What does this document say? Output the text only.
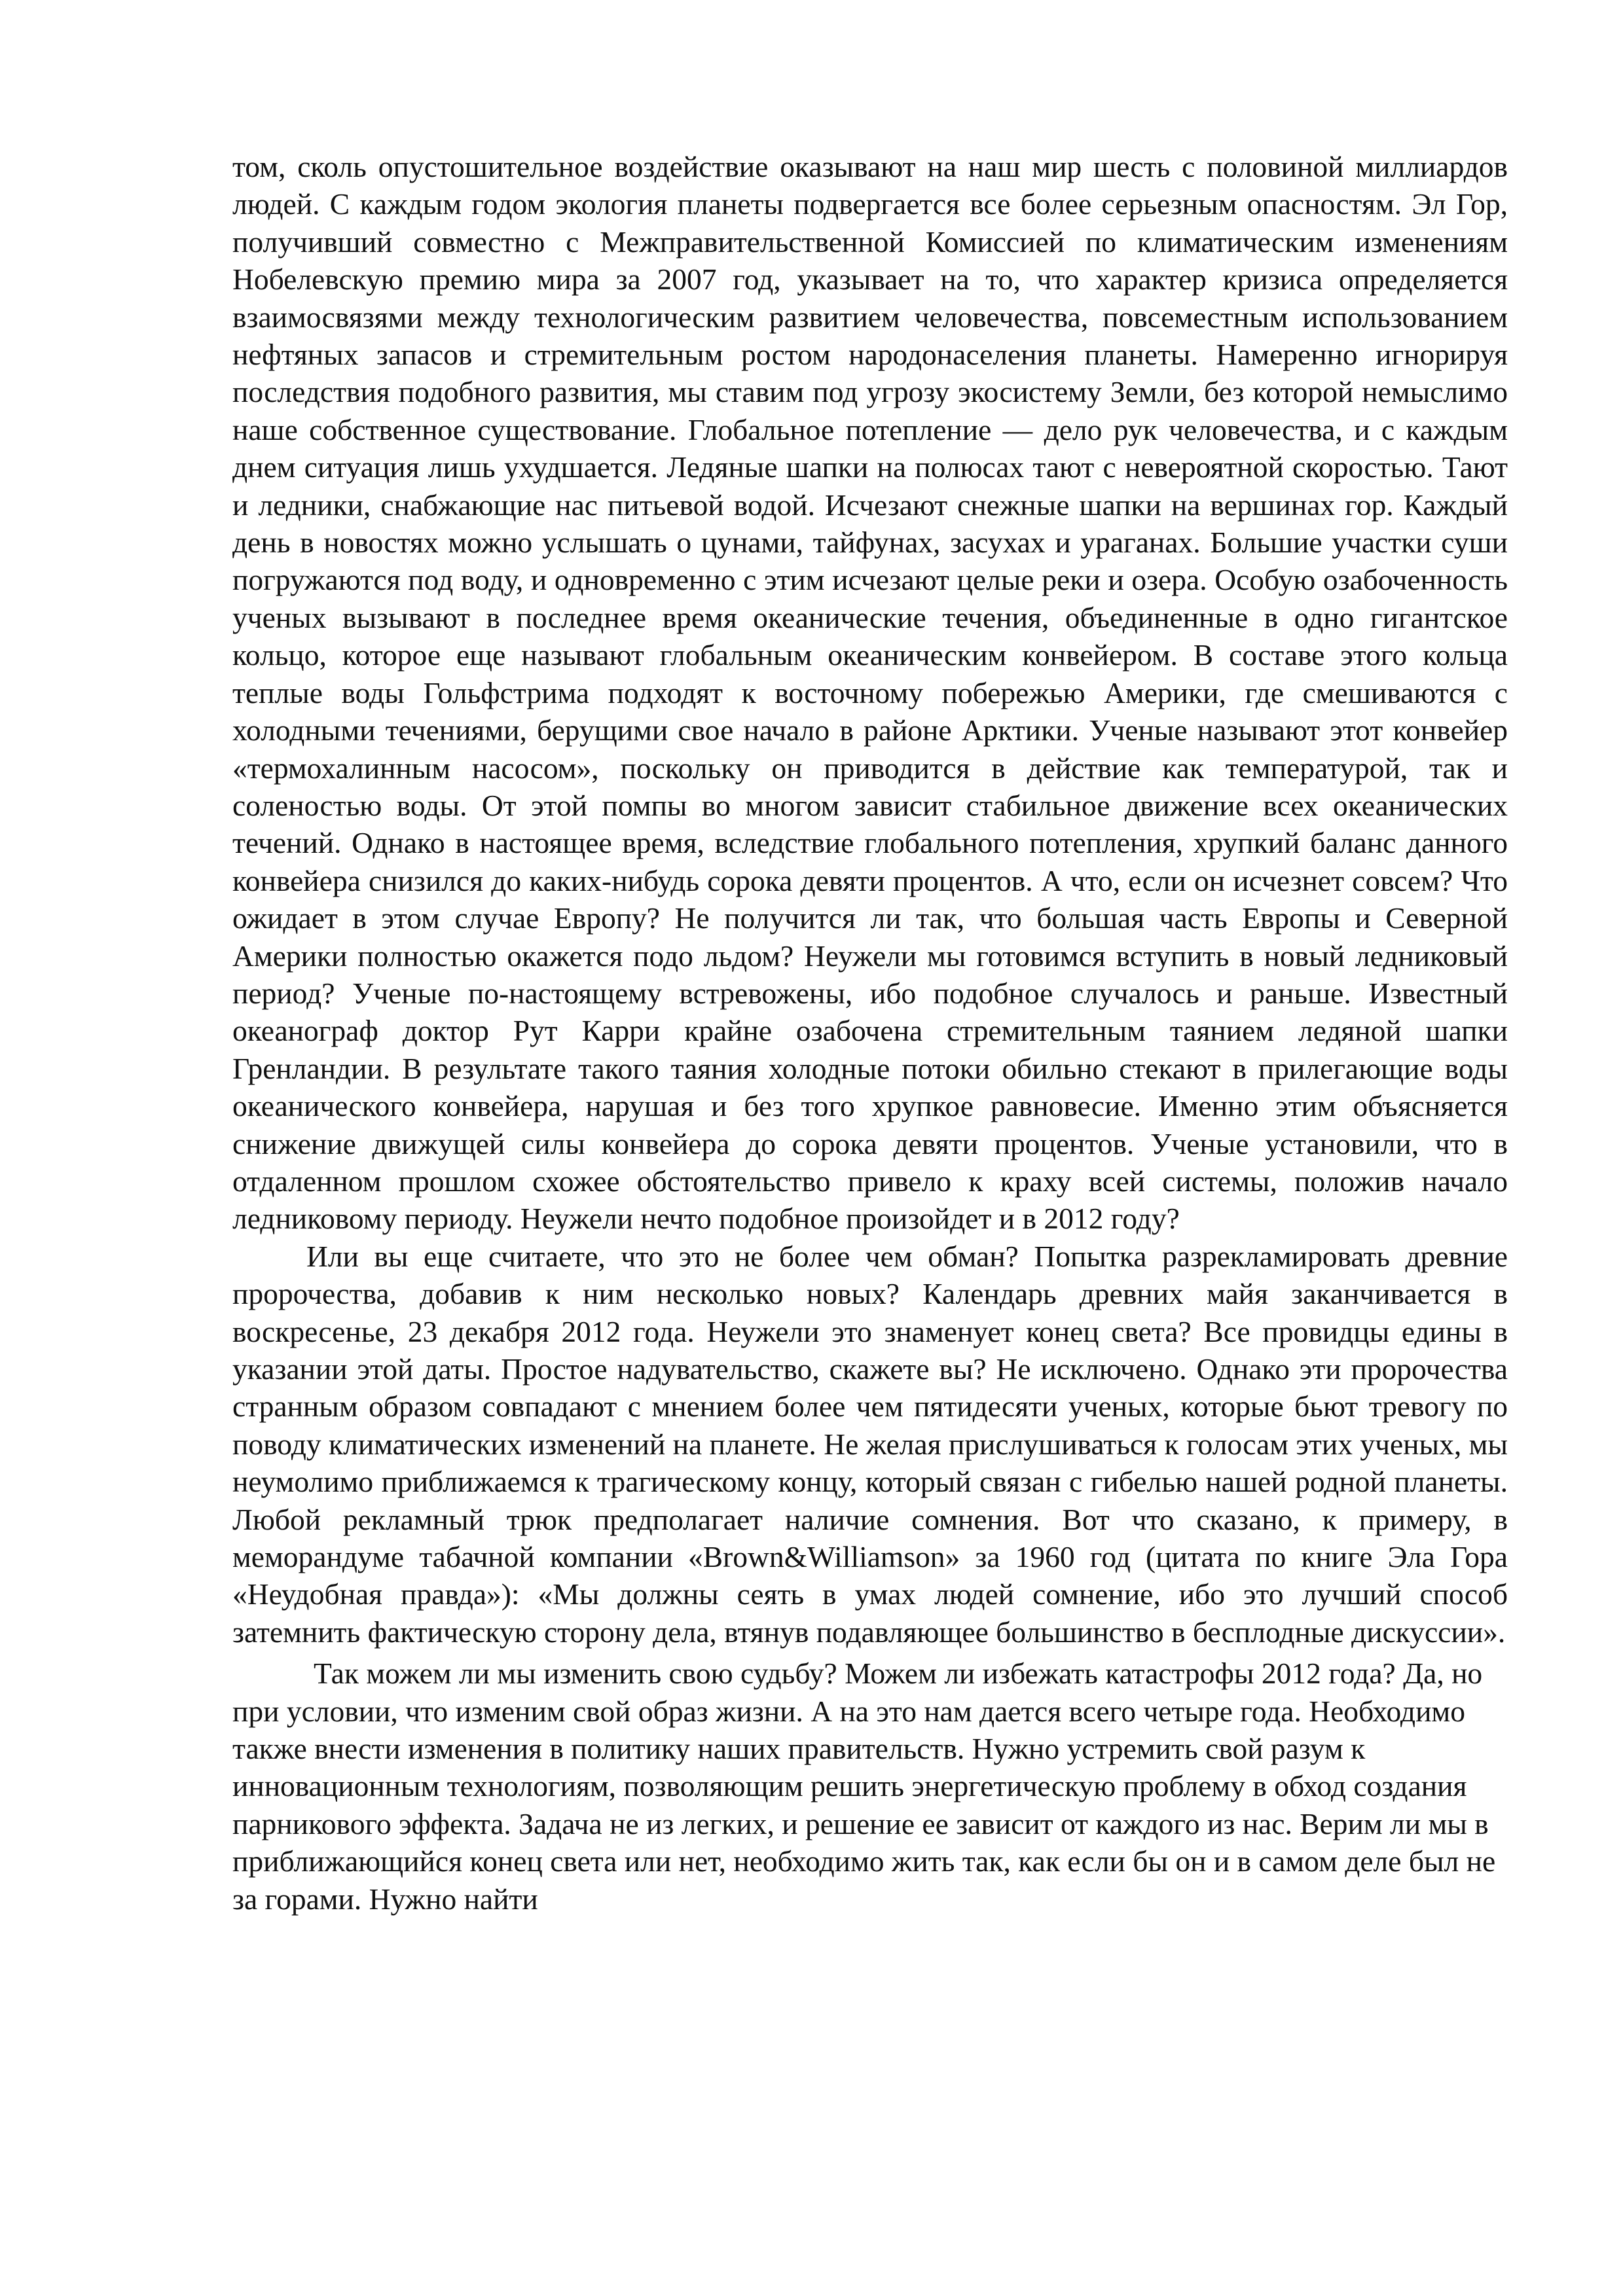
том, сколь опустошительное воздействие оказывают на наш мир шесть с половиной миллиардов людей. С каждым годом экология планеты подвергается все более серьезным опасностям. Эл Гор, получивший совместно с Межправительственной Комиссией по климатическим изменениям Нобелевскую премию мира за 2007 год, указывает на то, что характер кризиса определяется взаимосвязями между технологическим развитием человечества, повсеместным использованием нефтяных запасов и стремительным ростом народонаселения планеты. Намеренно игнорируя последствия подобного развития, мы ставим под угрозу экосистему Земли, без которой немыслимо наше собственное существование. Глобальное потепление — дело рук человечества, и с каждым днем ситуация лишь ухудшается. Ледяные шапки на полюсах тают с невероятной скоростью. Тают и ледники, снабжающие нас питьевой водой. Исчезают снежные шапки на вершинах гор. Каждый день в новостях можно услышать о цунами, тайфунах, засухах и ураганах. Большие участки суши погружаются под воду, и одновременно с этим исчезают целые реки и озера. Особую озабоченность ученых вызывают в последнее время океанические течения, объединенные в одно гигантское кольцо, которое еще называют глобальным океаническим конвейером. В составе этого кольца теплые воды Гольфстрима подходят к восточному побережью Америки, где смешиваются с холодными течениями, берущими свое начало в районе Арктики. Ученые называют этот конвейер «термохалинным насосом», поскольку он приводится в действие как температурой, так и соленостью воды. От этой помпы во многом зависит стабильное движение всех океанических течений. Однако в настоящее время, вследствие глобального потепления, хрупкий баланс данного конвейера снизился до каких-нибудь сорока девяти процентов. А что, если он исчезнет совсем? Что ожидает в этом случае Европу? Не получится ли так, что большая часть Европы и Северной Америки полностью окажется подо льдом? Неужели мы готовимся вступить в новый ледниковый период? Ученые по-настоящему встревожены, ибо подобное случалось и раньше. Известный океанограф доктор Рут Карри крайне озабочена стремительным таянием ледяной шапки Гренландии. В результате такого таяния холодные потоки обильно стекают в прилегающие воды океанического конвейера, нарушая и без того хрупкое равновесие. Именно этим объясняется снижение движущей силы конвейера до сорока девяти процентов. Ученые установили, что в отдаленном прошлом схожее обстоятельство привело к краху всей системы, положив начало ледниковому периоду. Неужели нечто подобное произойдет и в 2012 году?

Или вы еще считаете, что это не более чем обман? Попытка разрекламировать древние пророчества, добавив к ним несколько новых? Календарь древних майя заканчивается в воскресенье, 23 декабря 2012 года. Неужели это знаменует конец света? Все провидцы едины в указании этой даты. Простое надувательство, скажете вы? Не исключено. Однако эти пророчества странным образом совпадают с мнением более чем пятидесяти ученых, которые бьют тревогу по поводу климатических изменений на планете. Не желая прислушиваться к голосам этих ученых, мы неумолимо приближаемся к трагическому концу, который связан с гибелью нашей родной планеты. Любой рекламный трюк предполагает наличие сомнения. Вот что сказано, к примеру, в меморандуме табачной компании «Brown&Williamson» за 1960 год (цитата по книге Эла Гора «Неудобная правда»): «Мы должны сеять в умах людей сомнение, ибо это лучший способ затемнить фактическую сторону дела, втянув подавляющее большинство в бесплодные дискуссии».

Так можем ли мы изменить свою судьбу? Можем ли избежать катастрофы 2012 года? Да, но при условии, что изменим свой образ жизни. А на это нам дается всего четыре года. Необходимо также внести изменения в политику наших правительств. Нужно устремить свой разум к инновационным технологиям, позволяющим решить энергетическую проблему в обход создания парникового эффекта. Задача не из легких, и решение ее зависит от каждого из нас. Верим ли мы в приближающийся конец света или нет, необходимо жить так, как если бы он и в самом деле был не за горами. Нужно найти
